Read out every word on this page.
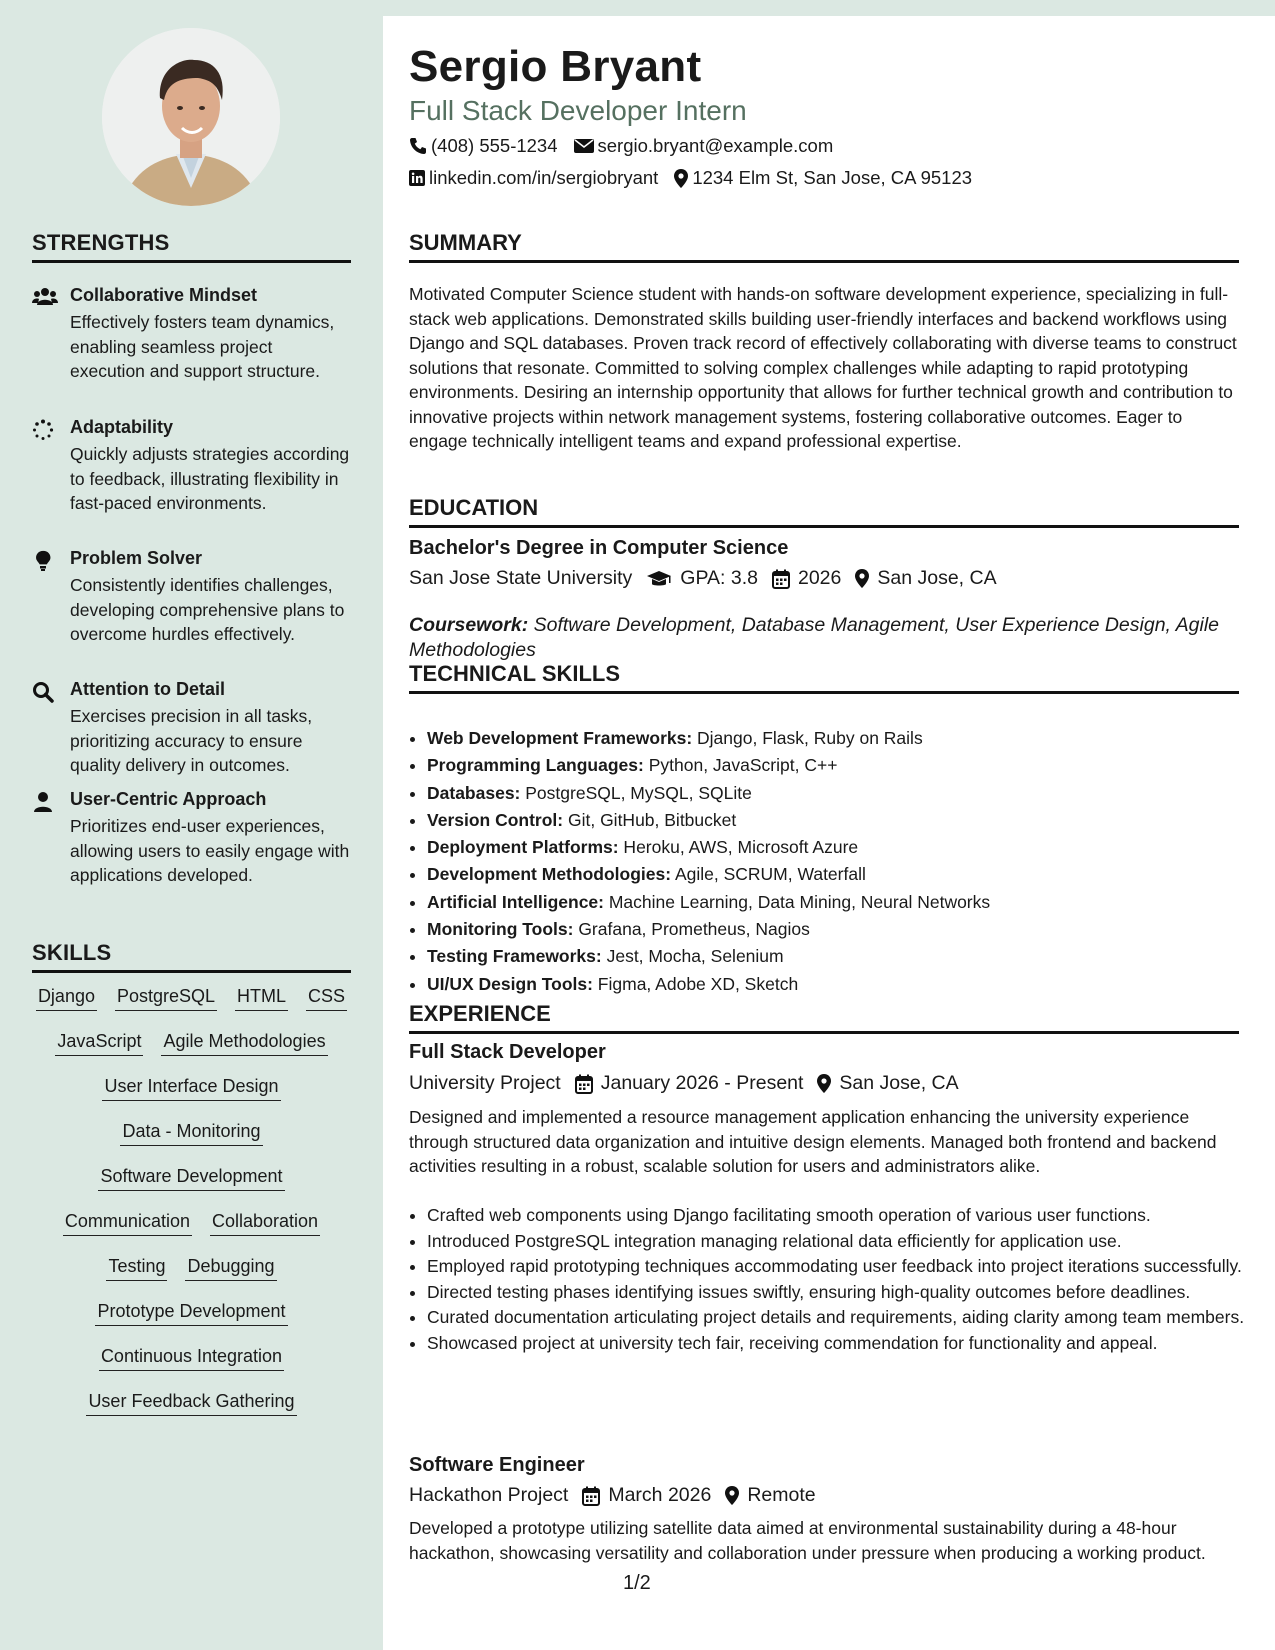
STRENGTHS
Collaborative Mindset
Effectively fosters team dynamics, enabling seamless project execution and support structure.
Adaptability
Quickly adjusts strategies according to feedback, illustrating flexibility in fast-paced environments.
Problem Solver
Consistently identifies challenges, developing comprehensive plans to overcome hurdles effectively.
Attention to Detail
Exercises precision in all tasks, prioritizing accuracy to ensure quality delivery in outcomes.
User-Centric Approach
Prioritizes end-user experiences, allowing users to easily engage with applications developed.
SKILLS
Django PostgreSQL HTML CSS
JavaScript Agile Methodologies
User Interface Design
Data - Monitoring
Software Development
Communication Collaboration
Testing Debugging
Prototype Development
Continuous Integration
User Feedback Gathering
Sergio Bryant
Full Stack Developer Intern
(408) 555-1234 sergio.bryant@example.com
linkedin.com/in/sergiobryant 1234 Elm St, San Jose, CA 95123
SUMMARY
Motivated Computer Science student with hands-on software development experience, specializing in full-stack web applications. Demonstrated skills building user-friendly interfaces and backend workflows using Django and SQL databases. Proven track record of effectively collaborating with diverse teams to construct solutions that resonate. Committed to solving complex challenges while adapting to rapid prototyping environments. Desiring an internship opportunity that allows for further technical growth and contribution to innovative projects within network management systems, fostering collaborative outcomes. Eager to engage technically intelligent teams and expand professional expertise.
EDUCATION
Bachelor's Degree in Computer Science
San Jose State University GPA: 3.8 2026 San Jose, CA
Coursework: Software Development, Database Management, User Experience Design, Agile Methodologies
TECHNICAL SKILLS
• Web Development Frameworks: Django, Flask, Ruby on Rails
• Programming Languages: Python, JavaScript, C++
• Databases: PostgreSQL, MySQL, SQLite
• Version Control: Git, GitHub, Bitbucket
• Deployment Platforms: Heroku, AWS, Microsoft Azure
• Development Methodologies: Agile, SCRUM, Waterfall
• Artificial Intelligence: Machine Learning, Data Mining, Neural Networks
• Monitoring Tools: Grafana, Prometheus, Nagios
• Testing Frameworks: Jest, Mocha, Selenium
• UI/UX Design Tools: Figma, Adobe XD, Sketch
EXPERIENCE
Full Stack Developer
University Project January 2026 - Present San Jose, CA
Designed and implemented a resource management application enhancing the university experience through structured data organization and intuitive design elements. Managed both frontend and backend activities resulting in a robust, scalable solution for users and administrators alike.
• Crafted web components using Django facilitating smooth operation of various user functions.
• Introduced PostgreSQL integration managing relational data efficiently for application use.
• Employed rapid prototyping techniques accommodating user feedback into project iterations successfully.
• Directed testing phases identifying issues swiftly, ensuring high-quality outcomes before deadlines.
• Curated documentation articulating project details and requirements, aiding clarity among team members.
• Showcased project at university tech fair, receiving commendation for functionality and appeal.
Software Engineer
Hackathon Project March 2026 Remote
Developed a prototype utilizing satellite data aimed at environmental sustainability during a 48-hour hackathon, showcasing versatility and collaboration under pressure when producing a working product.
1/2
